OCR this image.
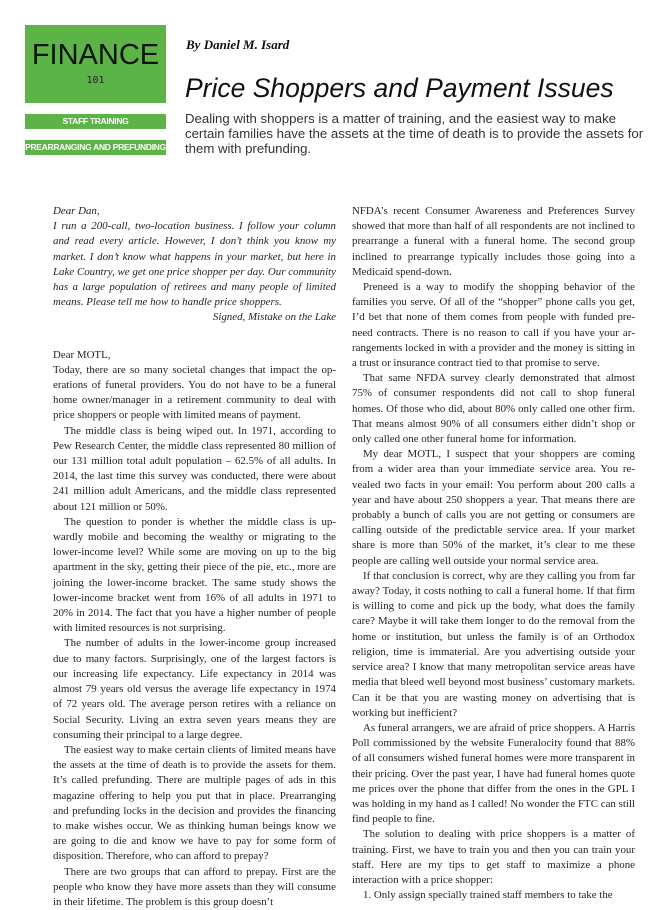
FINANCE
101
STAFF TRAINING
PREARRANGING AND PREFUNDING
By Daniel M. Isard
Price Shoppers and Payment Issues
Dealing with shoppers is a matter of training, and the easiest way to make certain families have the assets at the time of death is to provide the assets for them with prefunding.

Dear Dan,

I run a 200-call, two-location business. I follow your column and read every article. However, I don’t think you know my market. I don’t know what happens in your market, but here in Lake Country, we get one price shopper per day. Our community has a large population of retirees and many people of limited means. Please tell me how to handle price shoppers.

Signed, Mistake on the Lake

Dear MOTL,

Today, there are so many societal changes that impact the operations of funeral providers. You do not have to be a funeral home owner/manager in a retirement community to deal with price shoppers or people with limited means of payment.

The middle class is being wiped out. In 1971, according to Pew Research Center, the middle class represented 80 million of our 131 million total adult population – 62.5% of all adults. In 2014, the last time this survey was conducted, there were about 241 million adult Americans, and the middle class represented about 121 million or 50%.

The question to ponder is whether the middle class is upwardly mobile and becoming the wealthy or migrating to the lower-income level? While some are moving on up to the big apartment in the sky, getting their piece of the pie, etc., more are joining the lower-income bracket. The same study shows the lower-income bracket went from 16% of all adults in 1971 to 20% in 2014. The fact that you have a higher number of people with limited resources is not surprising.

The number of adults in the lower-income group increased due to many factors. Surprisingly, one of the largest factors is our increasing life expectancy. Life expectancy in 2014 was almost 79 years old versus the average life expectancy in 1974 of 72 years old. The average person retires with a reliance on Social Security. Living an extra seven years means they are consuming their principal to a large degree.

The easiest way to make certain clients of limited means have the assets at the time of death is to provide the assets for them. It’s called prefunding. There are multiple pages of ads in this magazine offering to help you put that in place. Prearranging and prefunding locks in the decision and provides the financing to make wishes occur. We as thinking human beings know we are going to die and know we have to pay for some form of disposition. Therefore, who can afford to prepay?

There are two groups that can afford to prepay. First are the people who know they have more assets than they will consume in their lifetime. The problem is this group doesn’t

NFDA’s recent Consumer Awareness and Preferences Survey showed that more than half of all respondents are not inclined to prearrange a funeral with a funeral home. The second group inclined to prearrange typically includes those going into a Medicaid spend-down.

Preneed is a way to modify the shopping behavior of the families you serve. Of all of the “shopper” phone calls you get, I’d bet that none of them comes from people with funded preneed contracts. There is no reason to call if you have your arrangements locked in with a provider and the money is sitting in a trust or insurance contract tied to that promise to serve.

That same NFDA survey clearly demonstrated that almost 75% of consumer respondents did not call to shop funeral homes. Of those who did, about 80% only called one other firm. That means almost 90% of all consumers either didn’t shop or only called one other funeral home for information.

My dear MOTL, I suspect that your shoppers are coming from a wider area than your immediate service area. You revealed two facts in your email: You perform about 200 calls a year and have about 250 shoppers a year. That means there are probably a bunch of calls you are not getting or consumers are calling outside of the predictable service area. If your market share is more than 50% of the market, it’s clear to me these people are calling well outside your normal service area.

If that conclusion is correct, why are they calling you from far away? Today, it costs nothing to call a funeral home. If that firm is willing to come and pick up the body, what does the family care? Maybe it will take them longer to do the removal from the home or institution, but unless the family is of an Orthodox religion, time is immaterial. Are you advertising outside your service area? I know that many metropolitan service areas have media that bleed well beyond most business’ customary markets. Can it be that you are wasting money on advertising that is working but inefficient?

As funeral arrangers, we are afraid of price shoppers. A Harris Poll commissioned by the website Funeralocity found that 88% of all consumers wished funeral homes were more transparent in their pricing. Over the past year, I have had funeral homes quote me prices over the phone that differ from the ones in the GPL I was holding in my hand as I called! No wonder the FTC can still find people to fine.

The solution to dealing with price shoppers is a matter of training. First, we have to train you and then you can train your staff. Here are my tips to get staff to maximize a phone interaction with a price shopper:

1. Only assign specially trained staff members to take the
